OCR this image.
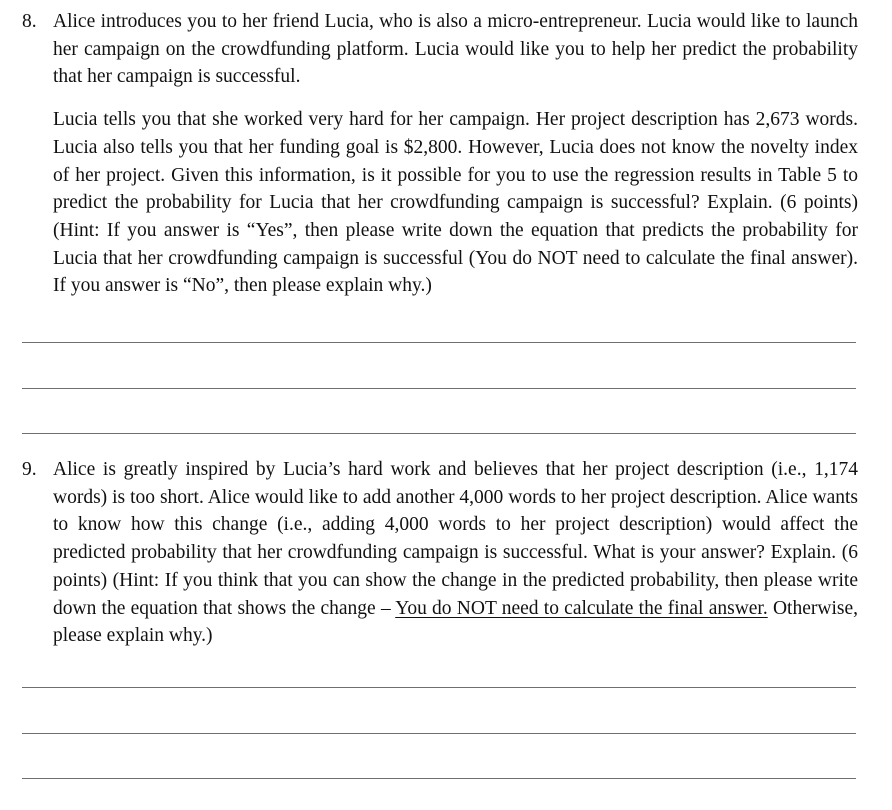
8. Alice introduces you to her friend Lucia, who is also a micro-entrepreneur. Lucia would like to launch her campaign on the crowdfunding platform. Lucia would like you to help her predict the probability that her campaign is successful.

Lucia tells you that she worked very hard for her campaign. Her project description has 2,673 words. Lucia also tells you that her funding goal is $2,800. However, Lucia does not know the novelty index of her project. Given this information, is it possible for you to use the regression results in Table 5 to predict the probability for Lucia that her crowdfunding campaign is successful? Explain. (6 points) (Hint: If you answer is “Yes”, then please write down the equation that predicts the probability for Lucia that her crowdfunding campaign is successful (You do NOT need to calculate the final answer). If you answer is “No”, then please explain why.)

9. Alice is greatly inspired by Lucia’s hard work and believes that her project description (i.e., 1,174 words) is too short. Alice would like to add another 4,000 words to her project description. Alice wants to know how this change (i.e., adding 4,000 words to her project description) would affect the predicted probability that her crowdfunding campaign is successful. What is your answer? Explain. (6 points) (Hint: If you think that you can show the change in the predicted probability, then please write down the equation that shows the change – You do NOT need to calculate the final answer. Otherwise, please explain why.)
